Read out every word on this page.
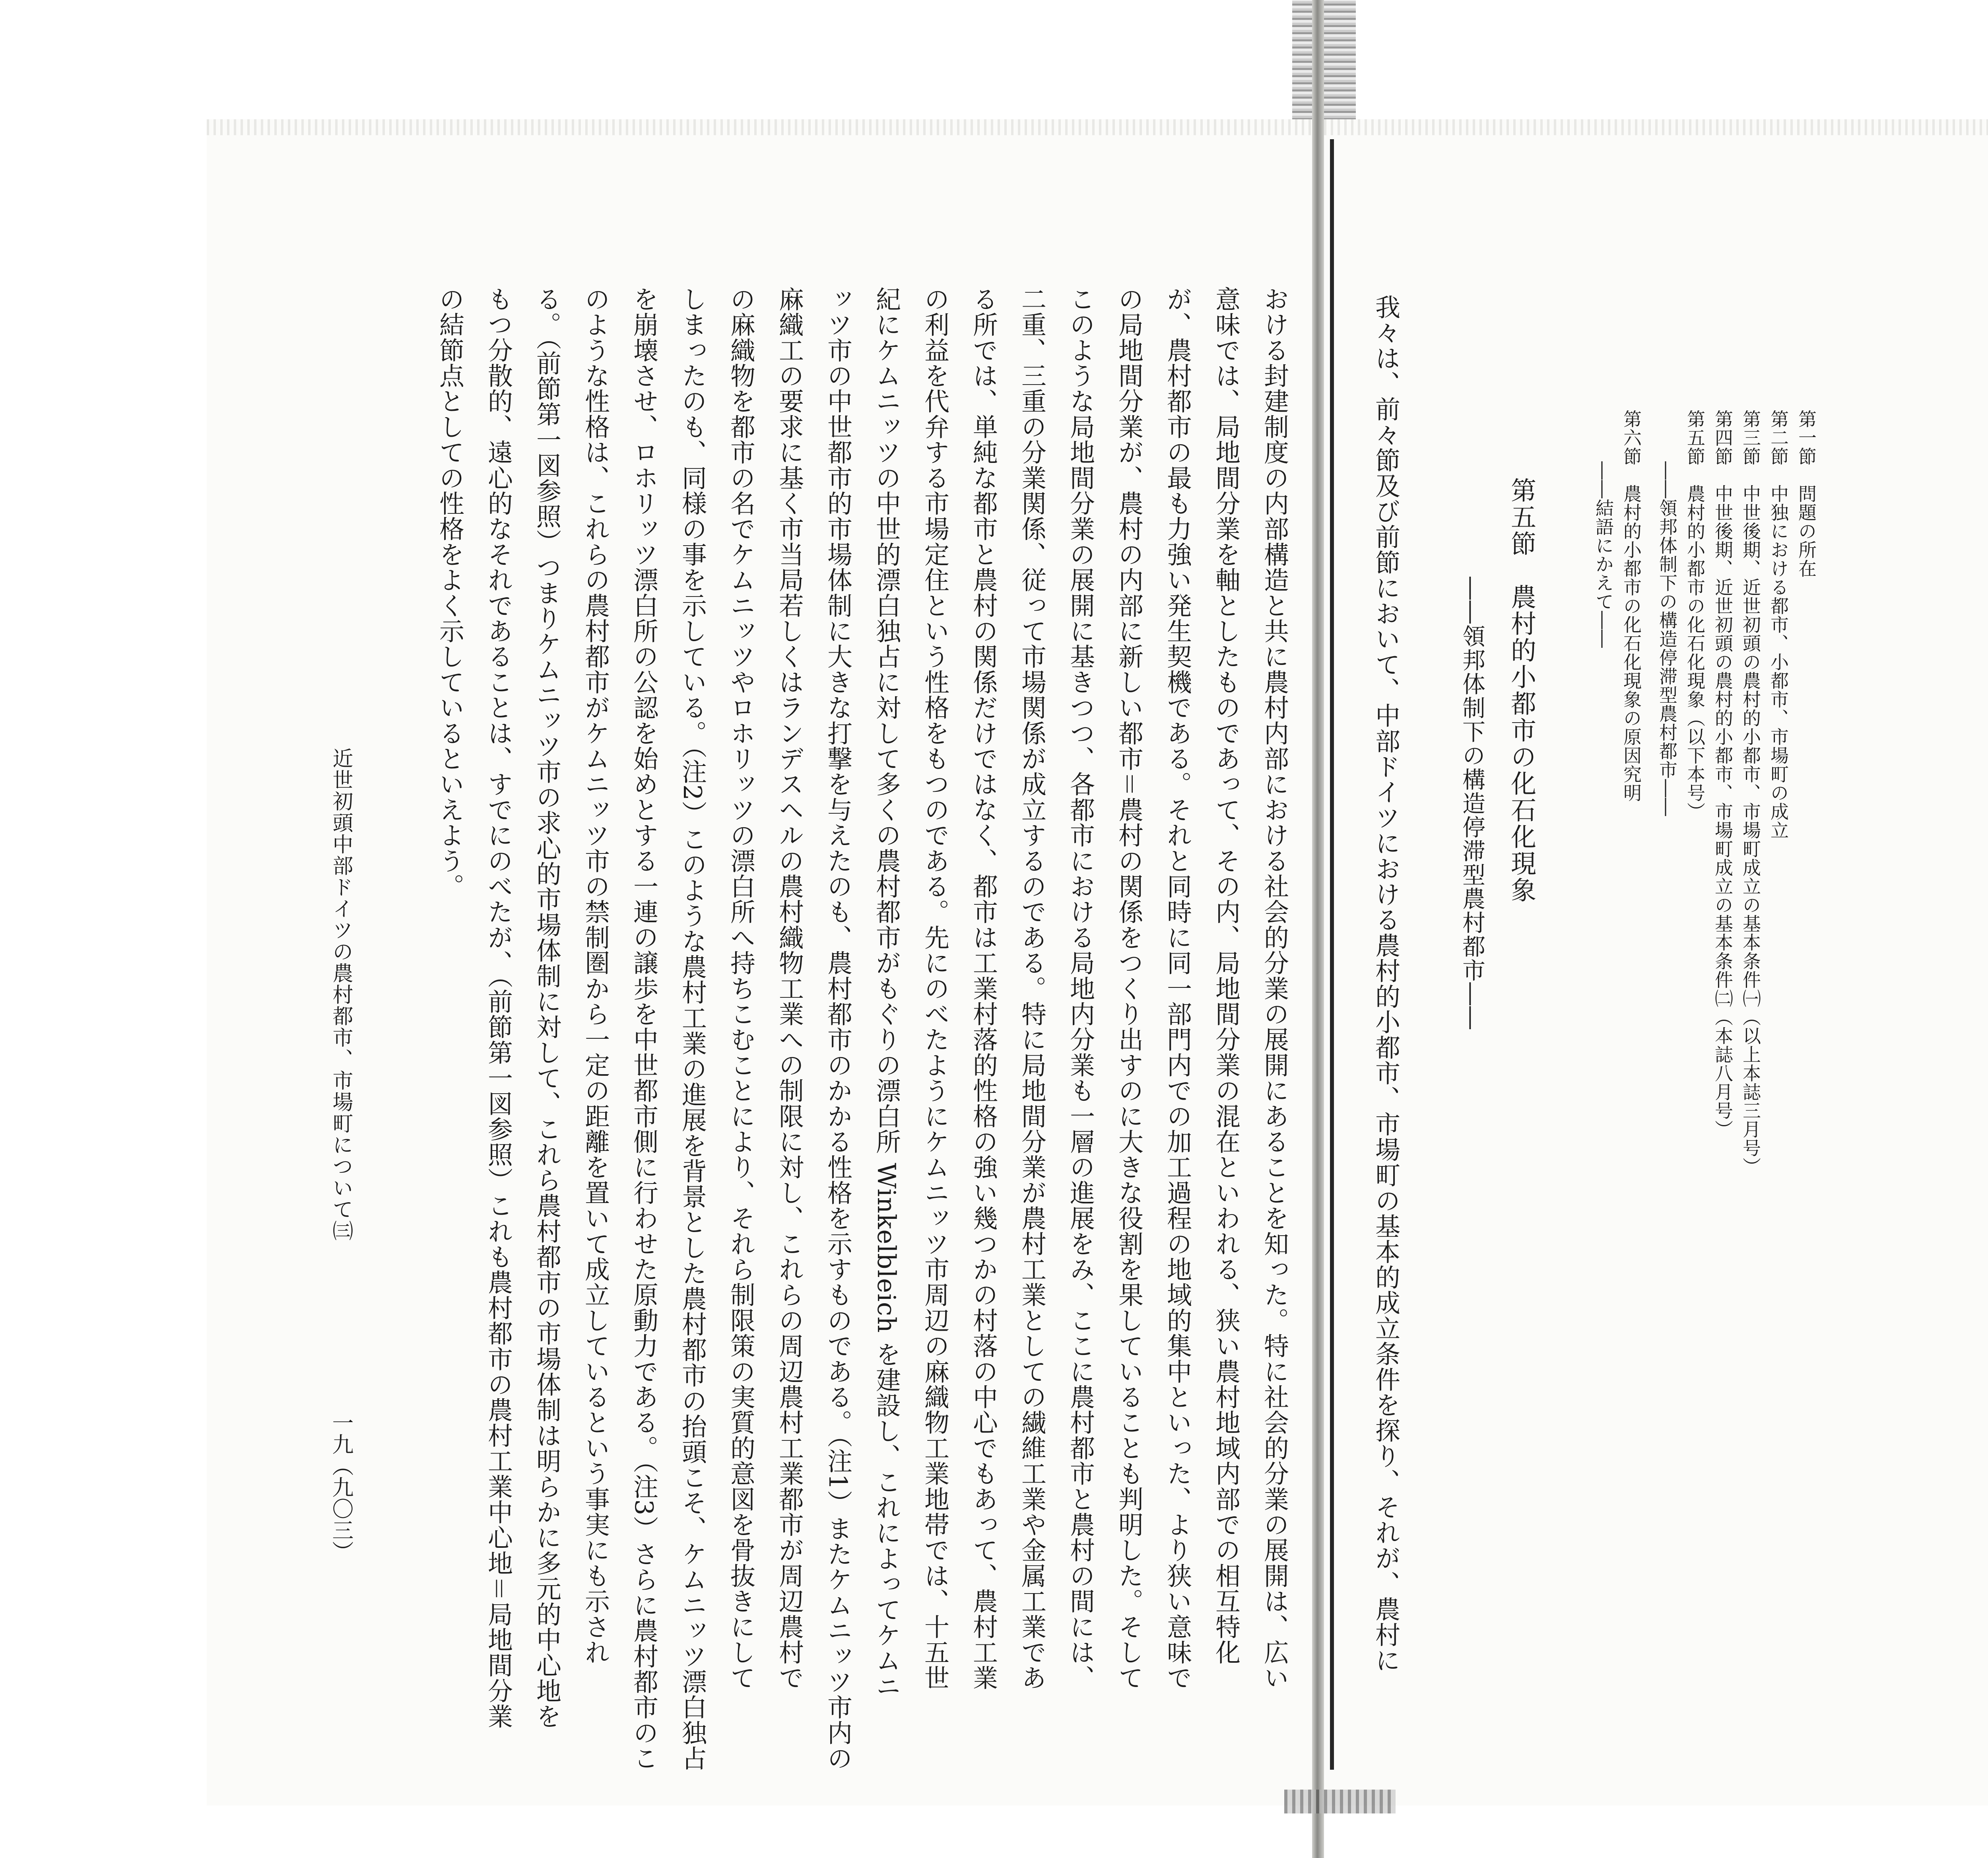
第一節　問題の所在
第二節　中独における都市、小都市、市場町の成立
第三節　中世後期、近世初頭の農村的小都市、市場町成立の基本条件㈠（以上本誌三月号）
第四節　中世後期、近世初頭の農村的小都市、市場町成立の基本条件㈡（本誌八月号）
第五節　農村的小都市の化石化現象（以下本号）
――領邦体制下の構造停滞型農村都市――
第六節　農村的小都市の化石化現象の原因究明
――結語にかえて――
第五節　農村的小都市の化石化現象
――領邦体制下の構造停滞型農村都市――
我々は、前々節及び前節において、中部ドイツにおける農村的小都市、市場町の基本的成立条件を探り、それが、農村に
おける封建制度の内部構造と共に農村内部における社会的分業の展開にあることを知った。特に社会的分業の展開は、広い
意味では、局地間分業を軸としたものであって、その内、局地間分業の混在といわれる、狭い農村地域内部での相互特化
が、農村都市の最も力強い発生契機である。それと同時に同一部門内での加工過程の地域的集中といった、より狭い意味で
の局地間分業が、農村の内部に新しい都市＝農村の関係をつくり出すのに大きな役割を果していることも判明した。そして
このような局地間分業の展開に基きつつ、各都市における局地内分業も一層の進展をみ、ここに農村都市と農村の間には、
二重、三重の分業関係、従って市場関係が成立するのである。特に局地間分業が農村工業としての繊維工業や金属工業であ
る所では、単純な都市と農村の関係だけではなく、都市は工業村落的性格の強い幾つかの村落の中心でもあって、農村工業
の利益を代弁する市場定住という性格をもつのである。先にのべたようにケムニッツ市周辺の麻織物工業地帯では、十五世
紀にケムニッツの中世的漂白独占に対して多くの農村都市がもぐりの漂白所 Winkelbleich を建設し、これによってケムニ
ッツ市の中世都市的市場体制に大きな打撃を与えたのも、農村都市のかかる性格を示すものである。（注1）またケムニッツ市内の
麻織工の要求に基く市当局若しくはランデスヘルの農村織物工業への制限に対し、これらの周辺農村工業都市が周辺農村で
の麻織物を都市の名でケムニッツやロホリッツの漂白所へ持ちこむことにより、それら制限策の実質的意図を骨抜きにして
しまったのも、同様の事を示している。（注2）このような農村工業の進展を背景とした農村都市の抬頭こそ、ケムニッツ漂白独占
を崩壊させ、ロホリッツ漂白所の公認を始めとする一連の譲歩を中世都市側に行わせた原動力である。（注3）さらに農村都市のこ
のような性格は、これらの農村都市がケムニッツ市の禁制圏から一定の距離を置いて成立しているという事実にも示され
る。（前節第一図参照）つまりケムニッツ市の求心的市場体制に対して、これら農村都市の市場体制は明らかに多元的中心地を
もつ分散的、遠心的なそれであることは、すでにのべたが、（前節第一図参照）これも農村都市の農村工業中心地＝局地間分業
の結節点としての性格をよく示しているといえよう。
近世初頭中部ドイツの農村都市、市場町について㈢
一九（九〇三）
